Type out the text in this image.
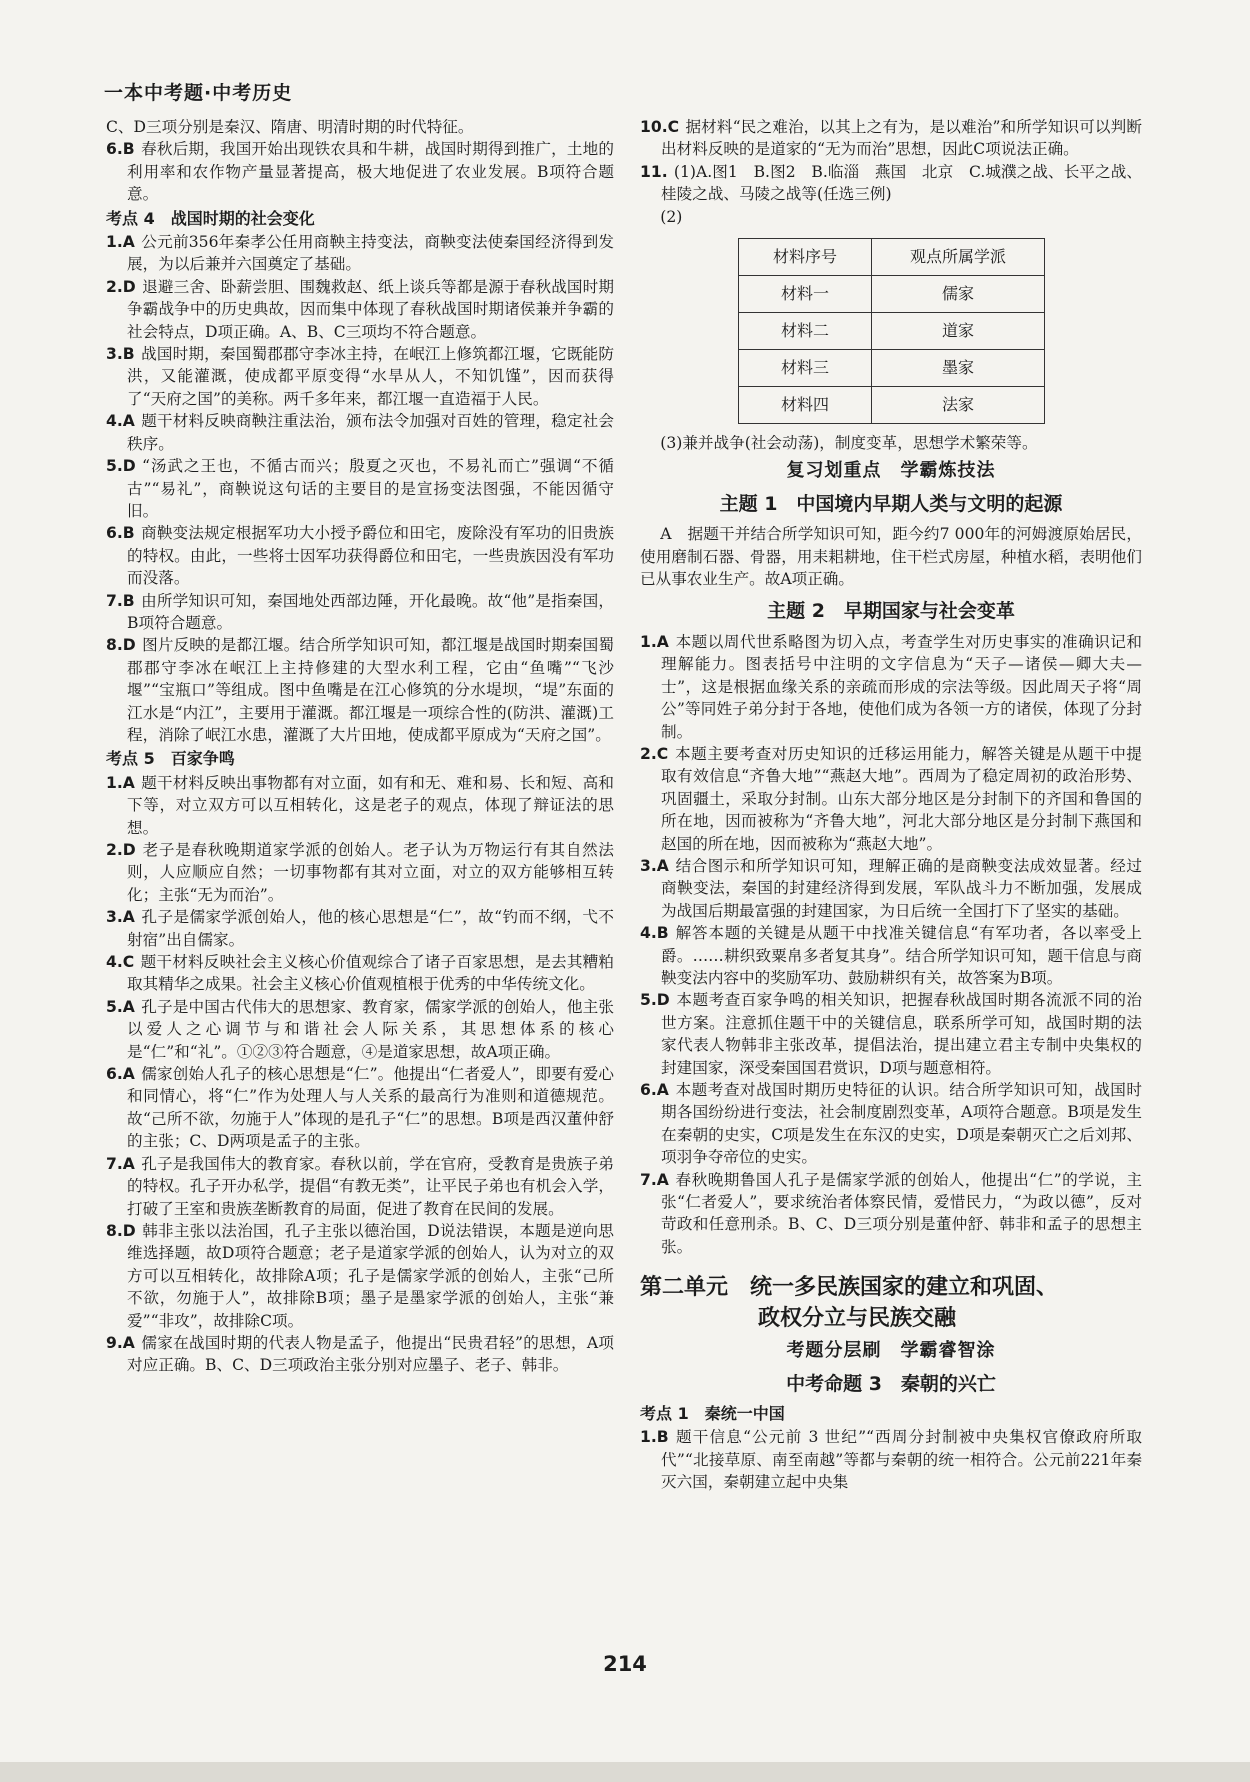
一本中考题·中考历史
C、D三项分别是秦汉、隋唐、明清时期的时代特征。
6.B 春秋后期，我国开始出现铁农具和牛耕，战国时期得到推广，土地的利用率和农作物产量显著提高，极大地促进了农业发展。B项符合题意。
考点 4　战国时期的社会变化
1.A 公元前356年秦孝公任用商鞅主持变法，商鞅变法使秦国经济得到发展，为以后兼并六国奠定了基础。
2.D 退避三舍、卧薪尝胆、围魏救赵、纸上谈兵等都是源于春秋战国时期争霸战争中的历史典故，因而集中体现了春秋战国时期诸侯兼并争霸的社会特点，D项正确。A、B、C三项均不符合题意。
3.B 战国时期，秦国蜀郡郡守李冰主持，在岷江上修筑都江堰，它既能防洪，又能灌溉，使成都平原变得“水旱从人，不知饥馑”，因而获得了“天府之国”的美称。两千多年来，都江堰一直造福于人民。
4.A 题干材料反映商鞅注重法治，颁布法令加强对百姓的管理，稳定社会秩序。
5.D “汤武之王也，不循古而兴；殷夏之灭也，不易礼而亡”强调“不循古”“易礼”，商鞅说这句话的主要目的是宣扬变法图强，不能因循守旧。
6.B 商鞅变法规定根据军功大小授予爵位和田宅，废除没有军功的旧贵族的特权。由此，一些将士因军功获得爵位和田宅，一些贵族因没有军功而没落。
7.B 由所学知识可知，秦国地处西部边陲，开化最晚。故“他”是指秦国，B项符合题意。
8.D 图片反映的是都江堰。结合所学知识可知，都江堰是战国时期秦国蜀郡郡守李冰在岷江上主持修建的大型水利工程，它由“鱼嘴”“飞沙堰”“宝瓶口”等组成。图中鱼嘴是在江心修筑的分水堤坝，“堤”东面的江水是“内江”，主要用于灌溉。都江堰是一项综合性的(防洪、灌溉)工程，消除了岷江水患，灌溉了大片田地，使成都平原成为“天府之国”。
考点 5　百家争鸣
1.A 题干材料反映出事物都有对立面，如有和无、难和易、长和短、高和下等，对立双方可以互相转化，这是老子的观点，体现了辩证法的思想。
2.D 老子是春秋晚期道家学派的创始人。老子认为万物运行有其自然法则，人应顺应自然；一切事物都有其对立面，对立的双方能够相互转化；主张“无为而治”。
3.A 孔子是儒家学派创始人，他的核心思想是“仁”，故“钓而不纲，弋不射宿”出自儒家。
4.C 题干材料反映社会主义核心价值观综合了诸子百家思想，是去其糟粕取其精华之成果。社会主义核心价值观植根于优秀的中华传统文化。
5.A 孔子是中国古代伟大的思想家、教育家，儒家学派的创始人，他主张以爱人之心调节与和谐社会人际关系，其思想体系的核心是“仁”和“礼”。①②③符合题意，④是道家思想，故A项正确。
6.A 儒家创始人孔子的核心思想是“仁”。他提出“仁者爱人”，即要有爱心和同情心，将“仁”作为处理人与人关系的最高行为准则和道德规范。故“己所不欲，勿施于人”体现的是孔子“仁”的思想。B项是西汉董仲舒的主张；C、D两项是孟子的主张。
7.A 孔子是我国伟大的教育家。春秋以前，学在官府，受教育是贵族子弟的特权。孔子开办私学，提倡“有教无类”，让平民子弟也有机会入学，打破了王室和贵族垄断教育的局面，促进了教育在民间的发展。
8.D 韩非主张以法治国，孔子主张以德治国，D说法错误，本题是逆向思维选择题，故D项符合题意；老子是道家学派的创始人，认为对立的双方可以互相转化，故排除A项；孔子是儒家学派的创始人，主张“己所不欲，勿施于人”，故排除B项；墨子是墨家学派的创始人，主张“兼爱”“非攻”，故排除C项。
9.A 儒家在战国时期的代表人物是孟子，他提出“民贵君轻”的思想，A项对应正确。B、C、D三项政治主张分别对应墨子、老子、韩非。
10.C 据材料“民之难治，以其上之有为，是以难治”和所学知识可以判断出材料反映的是道家的“无为而治”思想，因此C项说法正确。
11. (1)A.图1　B.图2　B.临淄　燕国　北京　C.城濮之战、长平之战、桂陵之战、马陵之战等(任选三例)
(2)
材料序号	观点所属学派
材料一	儒家
材料二	道家
材料三	墨家
材料四	法家
(3)兼并战争(社会动荡)，制度变革，思想学术繁荣等。
复习划重点　学霸炼技法
主题 1　中国境内早期人类与文明的起源
A　据题干并结合所学知识可知，距今约7 000年的河姆渡原始居民，使用磨制石器、骨器，用耒耜耕地，住干栏式房屋，种植水稻，表明他们已从事农业生产。故A项正确。
主题 2　早期国家与社会变革
1.A 本题以周代世系略图为切入点，考查学生对历史事实的准确识记和理解能力。图表括号中注明的文字信息为“天子—诸侯—卿大夫—士”，这是根据血缘关系的亲疏而形成的宗法等级。因此周天子将“周公”等同姓子弟分封于各地，使他们成为各领一方的诸侯，体现了分封制。
2.C 本题主要考查对历史知识的迁移运用能力，解答关键是从题干中提取有效信息“齐鲁大地”“燕赵大地”。西周为了稳定周初的政治形势、巩固疆土，采取分封制。山东大部分地区是分封制下的齐国和鲁国的所在地，因而被称为“齐鲁大地”，河北大部分地区是分封制下燕国和赵国的所在地，因而被称为“燕赵大地”。
3.A 结合图示和所学知识可知，理解正确的是商鞅变法成效显著。经过商鞅变法，秦国的封建经济得到发展，军队战斗力不断加强，发展成为战国后期最富强的封建国家，为日后统一全国打下了坚实的基础。
4.B 解答本题的关键是从题干中找准关键信息“有军功者，各以率受上爵。……耕织致粟帛多者复其身”。结合所学知识可知，题干信息与商鞅变法内容中的奖励军功、鼓励耕织有关，故答案为B项。
5.D 本题考查百家争鸣的相关知识，把握春秋战国时期各流派不同的治世方案。注意抓住题干中的关键信息，联系所学可知，战国时期的法家代表人物韩非主张改革，提倡法治，提出建立君主专制中央集权的封建国家，深受秦国国君赏识，D项与题意相符。
6.A 本题考查对战国时期历史特征的认识。结合所学知识可知，战国时期各国纷纷进行变法，社会制度剧烈变革，A项符合题意。B项是发生在秦朝的史实，C项是发生在东汉的史实，D项是秦朝灭亡之后刘邦、项羽争夺帝位的史实。
7.A 春秋晚期鲁国人孔子是儒家学派的创始人，他提出“仁”的学说，主张“仁者爱人”，要求统治者体察民情，爱惜民力，“为政以德”，反对苛政和任意刑杀。B、C、D三项分别是董仲舒、韩非和孟子的思想主张。
第二单元　统一多民族国家的建立和巩固、
政权分立与民族交融
考题分层刷　学霸睿智涂
中考命题 3　秦朝的兴亡
考点 1　秦统一中国
1.B 题干信息“公元前 3 世纪”“西周分封制被中央集权官僚政府所取代”“北接草原、南至南越”等都与秦朝的统一相符合。公元前221年秦灭六国，秦朝建立起中央集
214
